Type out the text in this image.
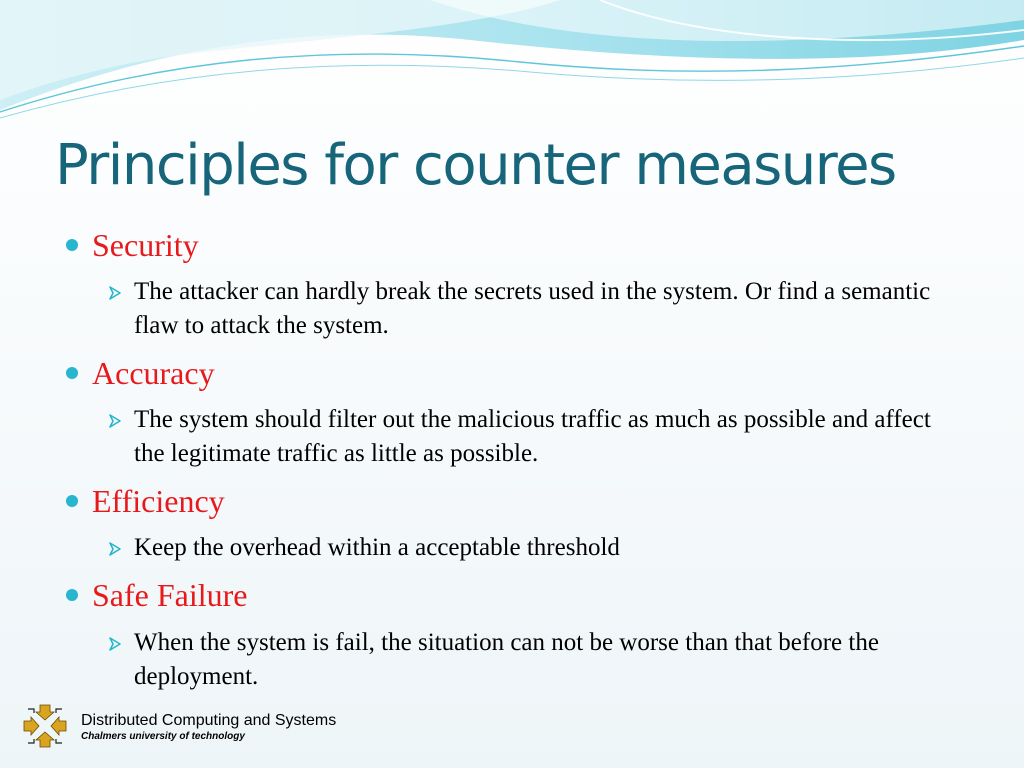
Principles for counter measures
Security
The attacker can hardly break the secrets used in the system. Or find a semantic flaw to attack the system.
Accuracy
The system should filter out the malicious traffic as much as possible and affect the legitimate traffic as little as possible.
Efficiency
Keep the overhead within a acceptable threshold
Safe Failure
When the system is fail, the situation can not be worse than that before the deployment.
Distributed Computing and Systems
Chalmers university of technology
